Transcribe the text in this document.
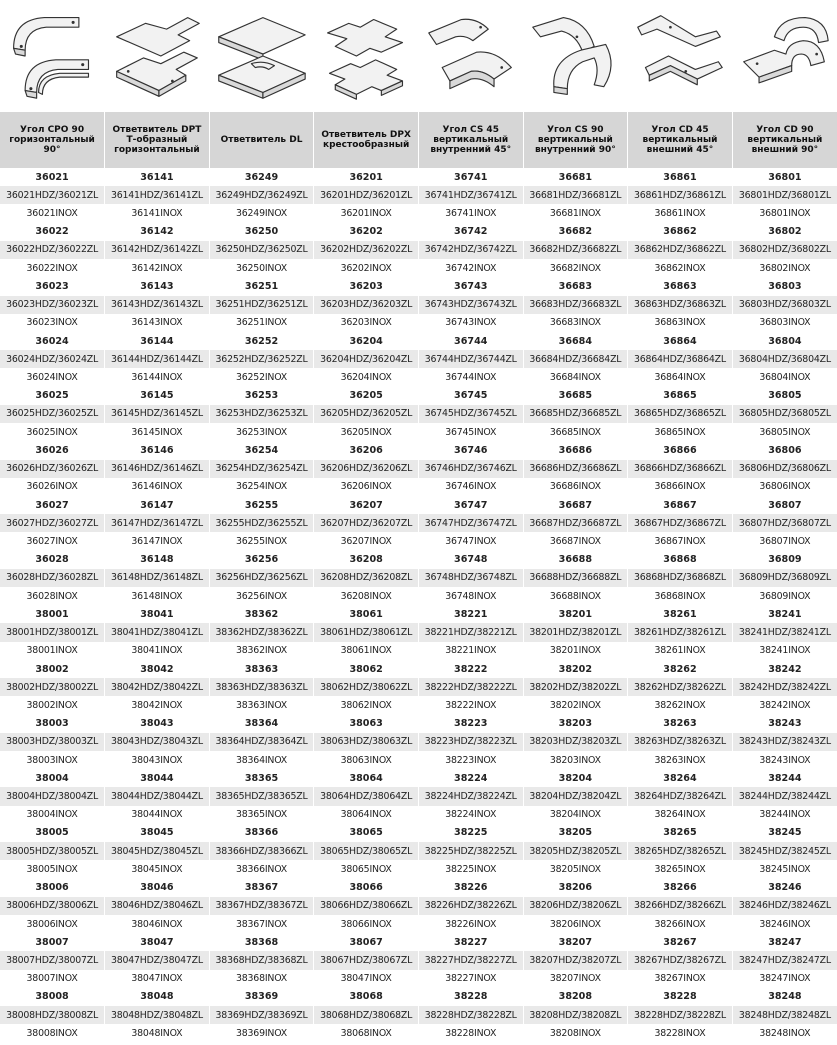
Угол CPO 90 горизонтальный 90°	Ответвитель DPT Т-образный горизонтальный	Ответвитель DL	Ответвитель DPX крестообразный	Угол CS 45 вертикальный внутренний 45°	Угол CS 90 вертикальный внутренний 90°	Угол CD 45 вертикальный внешний 45°	Угол CD 90 вертикальный внешний 90°
36021	36141	36249	36201	36741	36681	36861	36801
36021HDZ/36021ZL	36141HDZ/36141ZL	36249HDZ/36249ZL	36201HDZ/36201ZL	36741HDZ/36741ZL	36681HDZ/36681ZL	36861HDZ/36861ZL	36801HDZ/36801ZL
36021INOX	36141INOX	36249INOX	36201INOX	36741INOX	36681INOX	36861INOX	36801INOX
36022	36142	36250	36202	36742	36682	36862	36802
36022HDZ/36022ZL	36142HDZ/36142ZL	36250HDZ/36250ZL	36202HDZ/36202ZL	36742HDZ/36742ZL	36682HDZ/36682ZL	36862HDZ/36862ZL	36802HDZ/36802ZL
36022INOX	36142INOX	36250INOX	36202INOX	36742INOX	36682INOX	36862INOX	36802INOX
36023	36143	36251	36203	36743	36683	36863	36803
36023HDZ/36023ZL	36143HDZ/36143ZL	36251HDZ/36251ZL	36203HDZ/36203ZL	36743HDZ/36743ZL	36683HDZ/36683ZL	36863HDZ/36863ZL	36803HDZ/36803ZL
36023INOX	36143INOX	36251INOX	36203INOX	36743INOX	36683INOX	36863INOX	36803INOX
36024	36144	36252	36204	36744	36684	36864	36804
36024HDZ/36024ZL	36144HDZ/36144ZL	36252HDZ/36252ZL	36204HDZ/36204ZL	36744HDZ/36744ZL	36684HDZ/36684ZL	36864HDZ/36864ZL	36804HDZ/36804ZL
36024INOX	36144INOX	36252INOX	36204INOX	36744INOX	36684INOX	36864INOX	36804INOX
36025	36145	36253	36205	36745	36685	36865	36805
36025HDZ/36025ZL	36145HDZ/36145ZL	36253HDZ/36253ZL	36205HDZ/36205ZL	36745HDZ/36745ZL	36685HDZ/36685ZL	36865HDZ/36865ZL	36805HDZ/36805ZL
36025INOX	36145INOX	36253INOX	36205INOX	36745INOX	36685INOX	36865INOX	36805INOX
36026	36146	36254	36206	36746	36686	36866	36806
36026HDZ/36026ZL	36146HDZ/36146ZL	36254HDZ/36254ZL	36206HDZ/36206ZL	36746HDZ/36746ZL	36686HDZ/36686ZL	36866HDZ/36866ZL	36806HDZ/36806ZL
36026INOX	36146INOX	36254INOX	36206INOX	36746INOX	36686INOX	36866INOX	36806INOX
36027	36147	36255	36207	36747	36687	36867	36807
36027HDZ/36027ZL	36147HDZ/36147ZL	36255HDZ/36255ZL	36207HDZ/36207ZL	36747HDZ/36747ZL	36687HDZ/36687ZL	36867HDZ/36867ZL	36807HDZ/36807ZL
36027INOX	36147INOX	36255INOX	36207INOX	36747INOX	36687INOX	36867INOX	36807INOX
36028	36148	36256	36208	36748	36688	36868	36809
36028HDZ/36028ZL	36148HDZ/36148ZL	36256HDZ/36256ZL	36208HDZ/36208ZL	36748HDZ/36748ZL	36688HDZ/36688ZL	36868HDZ/36868ZL	36809HDZ/36809ZL
36028INOX	36148INOX	36256INOX	36208INOX	36748INOX	36688INOX	36868INOX	36809INOX
38001	38041	38362	38061	38221	38201	38261	38241
38001HDZ/38001ZL	38041HDZ/38041ZL	38362HDZ/38362ZL	38061HDZ/38061ZL	38221HDZ/38221ZL	38201HDZ/38201ZL	38261HDZ/38261ZL	38241HDZ/38241ZL
38001INOX	38041INOX	38362INOX	38061INOX	38221INOX	38201INOX	38261INOX	38241INOX
38002	38042	38363	38062	38222	38202	38262	38242
38002HDZ/38002ZL	38042HDZ/38042ZL	38363HDZ/38363ZL	38062HDZ/38062ZL	38222HDZ/38222ZL	38202HDZ/38202ZL	38262HDZ/38262ZL	38242HDZ/38242ZL
38002INOX	38042INOX	38363INOX	38062INOX	38222INOX	38202INOX	38262INOX	38242INOX
38003	38043	38364	38063	38223	38203	38263	38243
38003HDZ/38003ZL	38043HDZ/38043ZL	38364HDZ/38364ZL	38063HDZ/38063ZL	38223HDZ/38223ZL	38203HDZ/38203ZL	38263HDZ/38263ZL	38243HDZ/38243ZL
38003INOX	38043INOX	38364INOX	38063INOX	38223INOX	38203INOX	38263INOX	38243INOX
38004	38044	38365	38064	38224	38204	38264	38244
38004HDZ/38004ZL	38044HDZ/38044ZL	38365HDZ/38365ZL	38064HDZ/38064ZL	38224HDZ/38224ZL	38204HDZ/38204ZL	38264HDZ/38264ZL	38244HDZ/38244ZL
38004INOX	38044INOX	38365INOX	38064INOX	38224INOX	38204INOX	38264INOX	38244INOX
38005	38045	38366	38065	38225	38205	38265	38245
38005HDZ/38005ZL	38045HDZ/38045ZL	38366HDZ/38366ZL	38065HDZ/38065ZL	38225HDZ/38225ZL	38205HDZ/38205ZL	38265HDZ/38265ZL	38245HDZ/38245ZL
38005INOX	38045INOX	38366INOX	38065INOX	38225INOX	38205INOX	38265INOX	38245INOX
38006	38046	38367	38066	38226	38206	38266	38246
38006HDZ/38006ZL	38046HDZ/38046ZL	38367HDZ/38367ZL	38066HDZ/38066ZL	38226HDZ/38226ZL	38206HDZ/38206ZL	38266HDZ/38266ZL	38246HDZ/38246ZL
38006INOX	38046INOX	38367INOX	38066INOX	38226INOX	38206INOX	38266INOX	38246INOX
38007	38047	38368	38067	38227	38207	38267	38247
38007HDZ/38007ZL	38047HDZ/38047ZL	38368HDZ/38368ZL	38067HDZ/38067ZL	38227HDZ/38227ZL	38207HDZ/38207ZL	38267HDZ/38267ZL	38247HDZ/38247ZL
38007INOX	38047INOX	38368INOX	38047INOX	38227INOX	38207INOX	38267INOX	38247INOX
38008	38048	38369	38068	38228	38208	38228	38248
38008HDZ/38008ZL	38048HDZ/38048ZL	38369HDZ/38369ZL	38068HDZ/38068ZL	38228HDZ/38228ZL	38208HDZ/38208ZL	38228HDZ/38228ZL	38248HDZ/38248ZL
38008INOX	38048INOX	38369INOX	38068INOX	38228INOX	38208INOX	38228INOX	38248INOX
